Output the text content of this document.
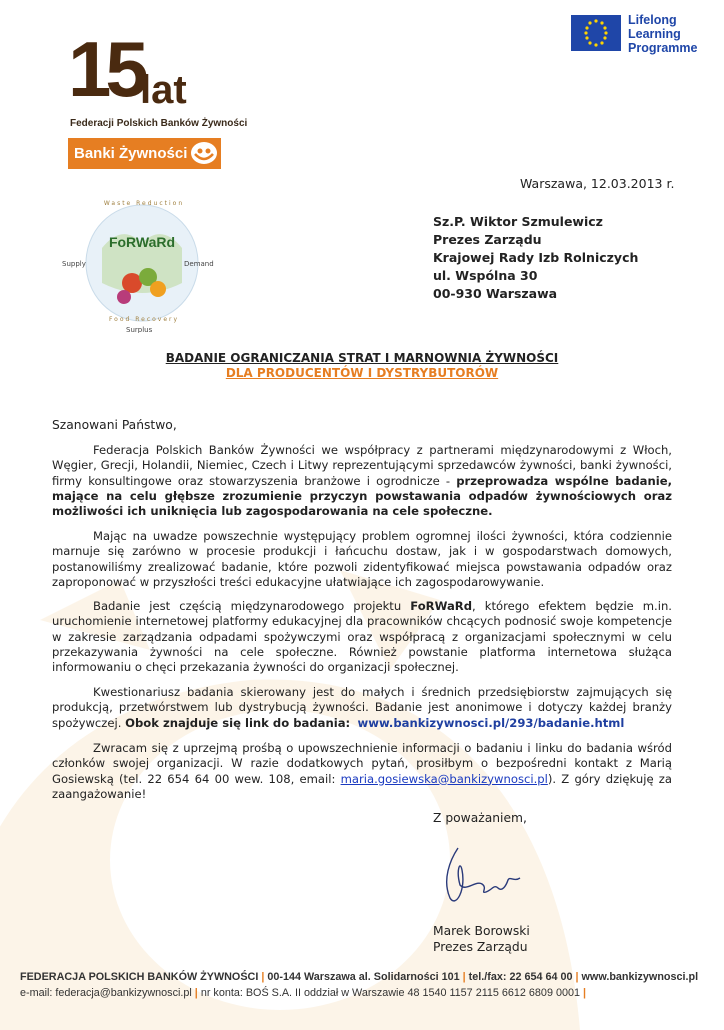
15
lat
Federacji Polskich Banków Żywności
Banki Żywności
Lifelong
Learning
Programme
FoRWaRd
Supply	Demand
Surplus
Waste Reduction
Food Recovery
Warszawa, 12.03.2013 r.
Sz.P. Wiktor Szmulewicz
Prezes Zarządu
Krajowej Rady Izb Rolniczych
ul. Wspólna 30
00-930 Warszawa
BADANIE OGRANICZANIA STRAT I MARNOWNIA ŻYWNOŚCI
DLA PRODUCENTÓW I DYSTRYBUTORÓW
Szanowani Państwo,
Federacja Polskich Banków Żywności we współpracy z partnerami międzynarodowymi z Włoch, Węgier, Grecji, Holandii, Niemiec, Czech i Litwy reprezentującymi sprzedawców żywności, banki żywności, firmy konsultingowe oraz stowarzyszenia branżowe i ogrodnicze - przeprowadza wspólne badanie, mające na celu głębsze zrozumienie przyczyn powstawania odpadów żywnościowych oraz możliwości ich uniknięcia lub zagospodarowania na cele społeczne.
Mając na uwadze powszechnie występujący problem ogromnej ilości żywności, która codziennie marnuje się zarówno w procesie produkcji i łańcuchu dostaw, jak i w gospodarstwach domowych, postanowiliśmy zrealizować badanie, które pozwoli zidentyfikować miejsca powstawania odpadów oraz zaproponować w przyszłości treści edukacyjne ułatwiające ich zagospodarowywanie.
Badanie jest częścią międzynarodowego projektu FoRWaRd, którego efektem będzie m.in. uruchomienie internetowej platformy edukacyjnej dla pracowników chcących podnosić swoje kompetencje w zakresie zarządzania odpadami spożywczymi oraz współpracą z organizacjami społecznymi w celu przekazywania żywności na cele społeczne. Również powstanie platforma internetowa służąca informowaniu o chęci przekazania żywności do organizacji społecznej.
Kwestionariusz badania skierowany jest do małych i średnich przedsiębiorstw zajmujących się produkcją, przetwórstwem lub dystrybucją żywności. Badanie jest anonimowe i dotyczy każdej branży spożywczej. Obok znajduje się link do badania: www.bankizywnosci.pl/293/badanie.html
Zwracam się z uprzejmą prośbą o upowszechnienie informacji o badaniu i linku do badania wśród członków swojej organizacji. W razie dodatkowych pytań, prosiłbym o bezpośredni kontakt z Marią Gosiewską (tel. 22 654 64 00 wew. 108, email: maria.gosiewska@bankizywnosci.pl). Z góry dziękuję za zaangażowanie!
Z poważaniem,
Marek Borowski
Prezes Zarządu
FEDERACJA POLSKICH BANKÓW ŻYWNOŚCI | 00-144 Warszawa al. Solidarności 101 | tel./fax: 22 654 64 00 | www.bankizywnosci.pl
e-mail: federacja@bankizywnosci.pl | nr konta: BOŚ S.A. II oddział w Warszawie 48 1540 1157 2115 6612 6809 0001 |
